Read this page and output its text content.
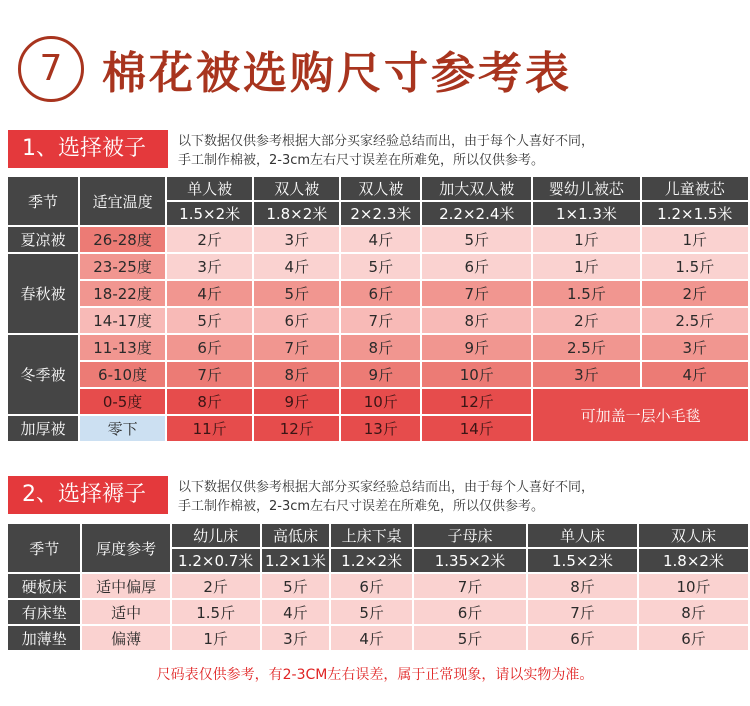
7 棉花被选购尺寸参考表
1、选择被子	以下数据仅供参考根据大部分买家经验总结而出，由于每个人喜好不同，
手工制作棉被，2-3cm左右尺寸误差在所难免，所以仅供参考。
季节	适宜温度	单人被	双人被	双人被	加大双人被	婴幼儿被芯	儿童被芯
		1.5×2米	1.8×2米	2×2.3米	2.2×2.4米	1×1.3米	1.2×1.5米
夏凉被	26-28度	2斤	3斤	4斤	5斤	1斤	1斤
春秋被	23-25度	3斤	4斤	5斤	6斤	1斤	1.5斤
	18-22度	4斤	5斤	6斤	7斤	1.5斤	2斤
	14-17度	5斤	6斤	7斤	8斤	2斤	2.5斤
冬季被	11-13度	6斤	7斤	8斤	9斤	2.5斤	3斤
	6-10度	7斤	8斤	9斤	10斤	3斤	4斤
	0-5度	8斤	9斤	10斤	12斤	可加盖一层小毛毯	
加厚被	零下	11斤	12斤	13斤	14斤		
2、选择褥子	以下数据仅供参考根据大部分买家经验总结而出，由于每个人喜好不同，
手工制作棉被，2-3cm左右尺寸误差在所难免，所以仅供参考。
季节	厚度参考	幼儿床	高低床	上床下桌	子母床	单人床	双人床
		1.2×0.7米	1.2×1米	1.2×2米	1.35×2米	1.5×2米	1.8×2米
硬板床	适中偏厚	2斤	5斤	6斤	7斤	8斤	10斤
有床垫	适中	1.5斤	4斤	5斤	6斤	7斤	8斤
加薄垫	偏薄	1斤	3斤	4斤	5斤	6斤	6斤
尺码表仅供参考，有2-3CM左右误差，属于正常现象，请以实物为准。
